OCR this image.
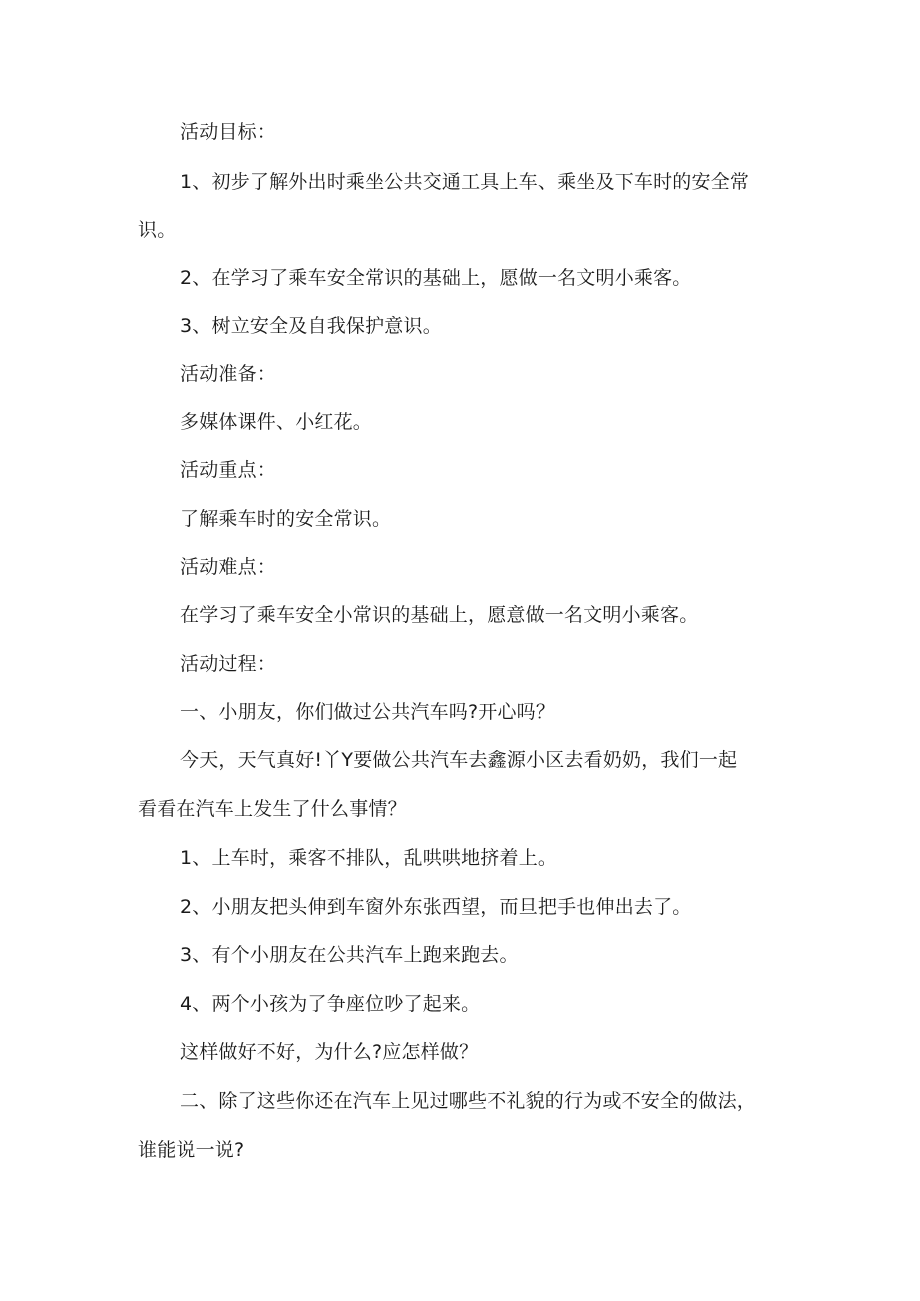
活动目标：
1、初步了解外出时乘坐公共交通工具上车、乘坐及下车时的安全常
识。
2、在学习了乘车安全常识的基础上，愿做一名文明小乘客。
3、树立安全及自我保护意识。
活动准备：
多媒体课件、小红花。
活动重点：
了解乘车时的安全常识。
活动难点：
在学习了乘车安全小常识的基础上，愿意做一名文明小乘客。
活动过程：
一、小朋友，你们做过公共汽车吗?开心吗？
今天，天气真好!丫Y要做公共汽车去鑫源小区去看奶奶，我们一起
看看在汽车上发生了什么事情？
1、上车时，乘客不排队，乱哄哄地挤着上。
2、小朋友把头伸到车窗外东张西望，而旦把手也伸出去了。
3、有个小朋友在公共汽车上跑来跑去。
4、两个小孩为了争座位吵了起来。
这样做好不好，为什么?应怎样做？
二、除了这些你还在汽车上见过哪些不礼貌的行为或不安全的做法，
谁能说一说?
